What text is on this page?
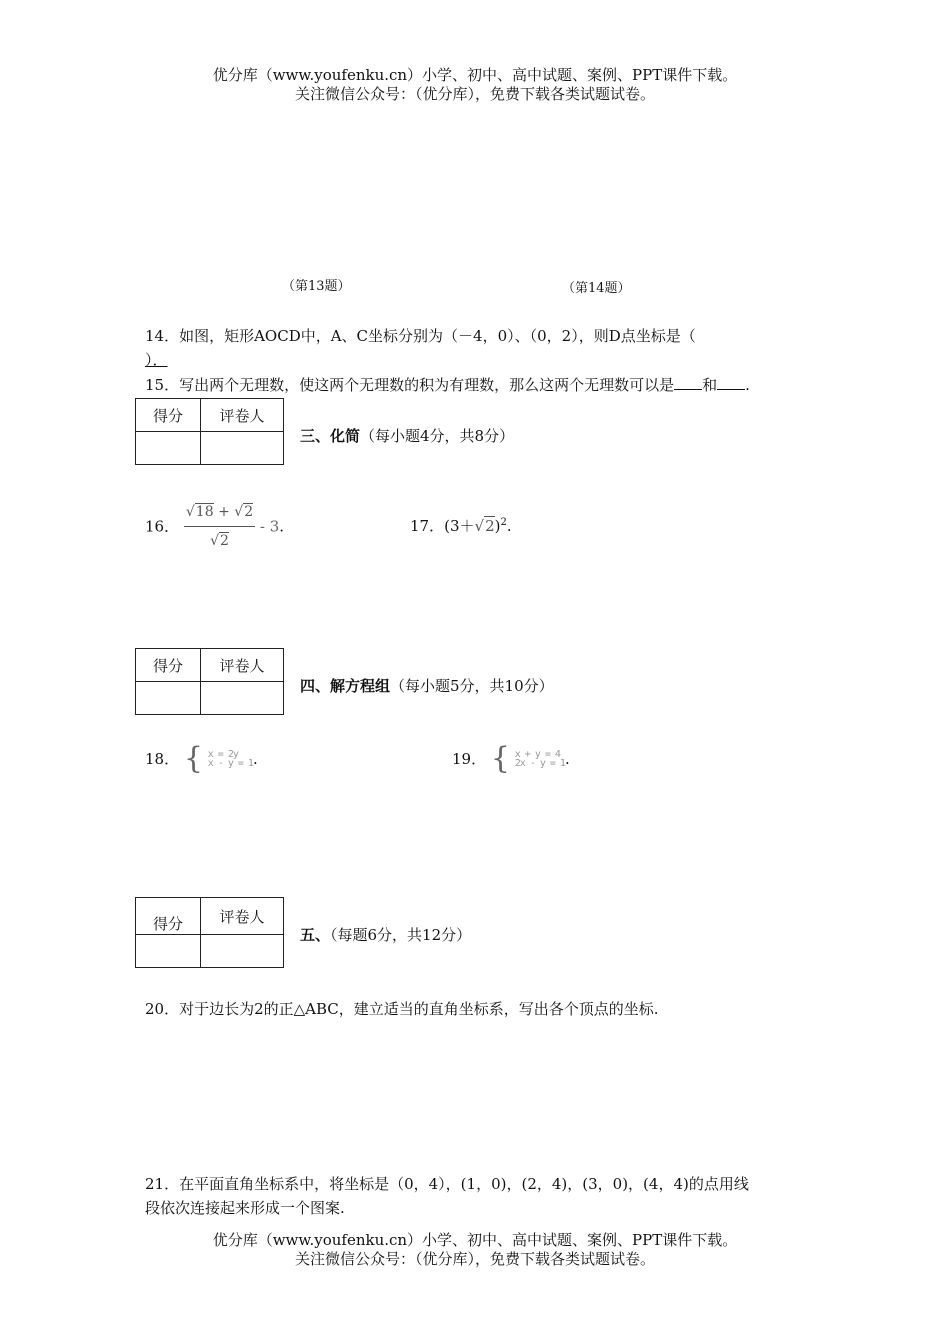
优分库（www.youfenku.cn）小学、初中、高中试题、案例、PPT课件下载。
关注微信公众号：（优分库），免费下载各类试题试卷。
（第13题）	（第14题）
14．如图，矩形AOCD中，A、C坐标分别为（－4，0）、（0，2），则D点坐标是（
）．
15．写出两个无理数，使这两个无理数的积为有理数，那么这两个无理数可以是 和 .
得分	评卷人

三、化简（每小题4分，共8分）
16． $\frac{√18 + √2}{√2} - 3$.	17．$(3+√2)^2$.
得分	评卷人

四、解方程组（每小题5分，共10分）
18． { x = 2y
x - y = 1 .	19． { x + y = 4
2x - y = 1 .
得分	评卷人

五、（每题6分，共12分）
20．对于边长为2的正△ABC，建立适当的直角坐标系，写出各个顶点的坐标.
21．在平面直角坐标系中，将坐标是（0，4），(1，0)，(2，4)，(3，0)，(4，4)的点用线
段依次连接起来形成一个图案.
优分库（www.youfenku.cn）小学、初中、高中试题、案例、PPT课件下载。
关注微信公众号：（优分库），免费下载各类试题试卷。
